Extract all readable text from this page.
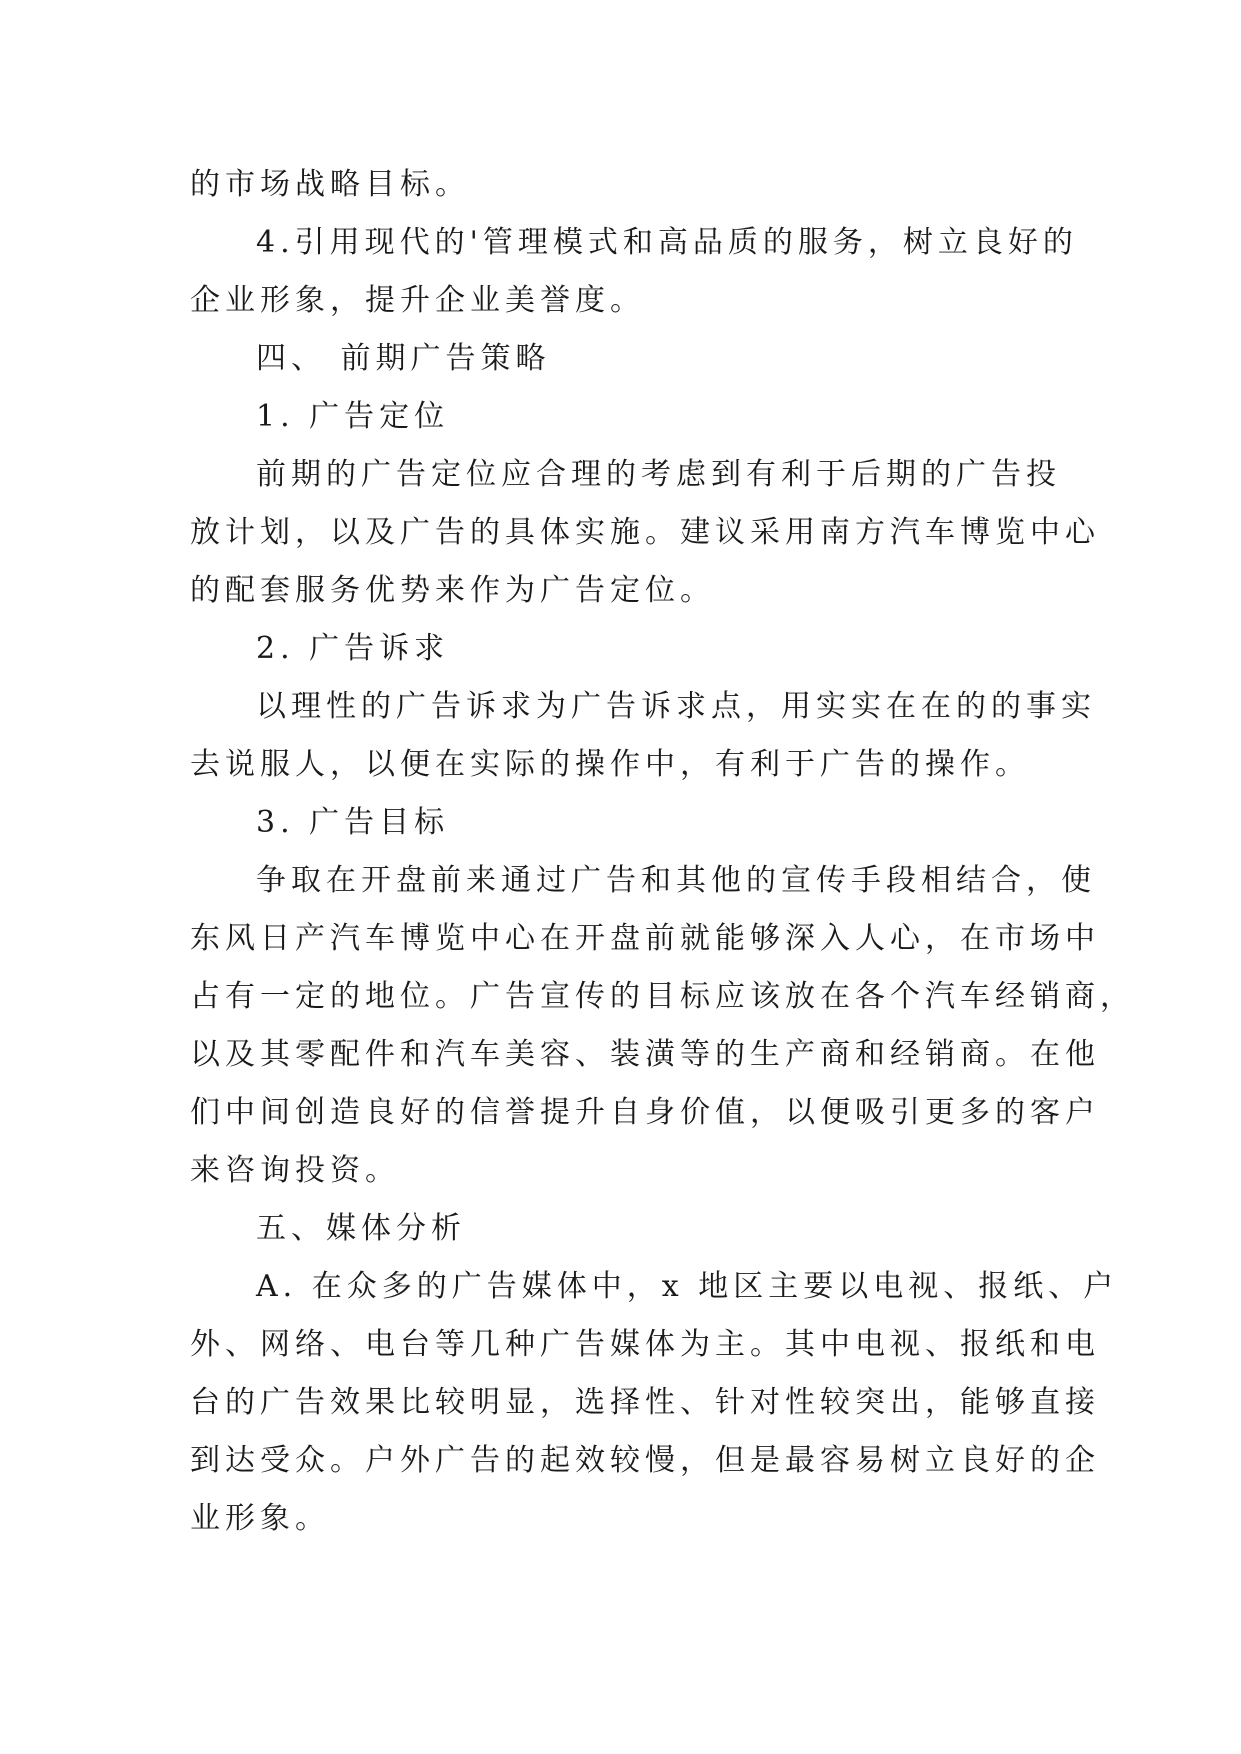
的市场战略目标。
4.引用现代的'管理模式和高品质的服务，树立良好的
企业形象，提升企业美誉度。
四、 前期广告策略
1. 广告定位
前期的广告定位应合理的考虑到有利于后期的广告投
放计划，以及广告的具体实施。建议采用南方汽车博览中心
的配套服务优势来作为广告定位。
2. 广告诉求
以理性的广告诉求为广告诉求点，用实实在在的的事实
去说服人，以便在实际的操作中，有利于广告的操作。
3. 广告目标
争取在开盘前来通过广告和其他的宣传手段相结合，使
东风日产汽车博览中心在开盘前就能够深入人心，在市场中
占有一定的地位。广告宣传的目标应该放在各个汽车经销商，
以及其零配件和汽车美容、装潢等的生产商和经销商。在他
们中间创造良好的信誉提升自身价值，以便吸引更多的客户
来咨询投资。
五、媒体分析
A. 在众多的广告媒体中，x 地区主要以电视、报纸、户
外、网络、电台等几种广告媒体为主。其中电视、报纸和电
台的广告效果比较明显，选择性、针对性较突出，能够直接
到达受众。户外广告的起效较慢，但是最容易树立良好的企
业形象。
